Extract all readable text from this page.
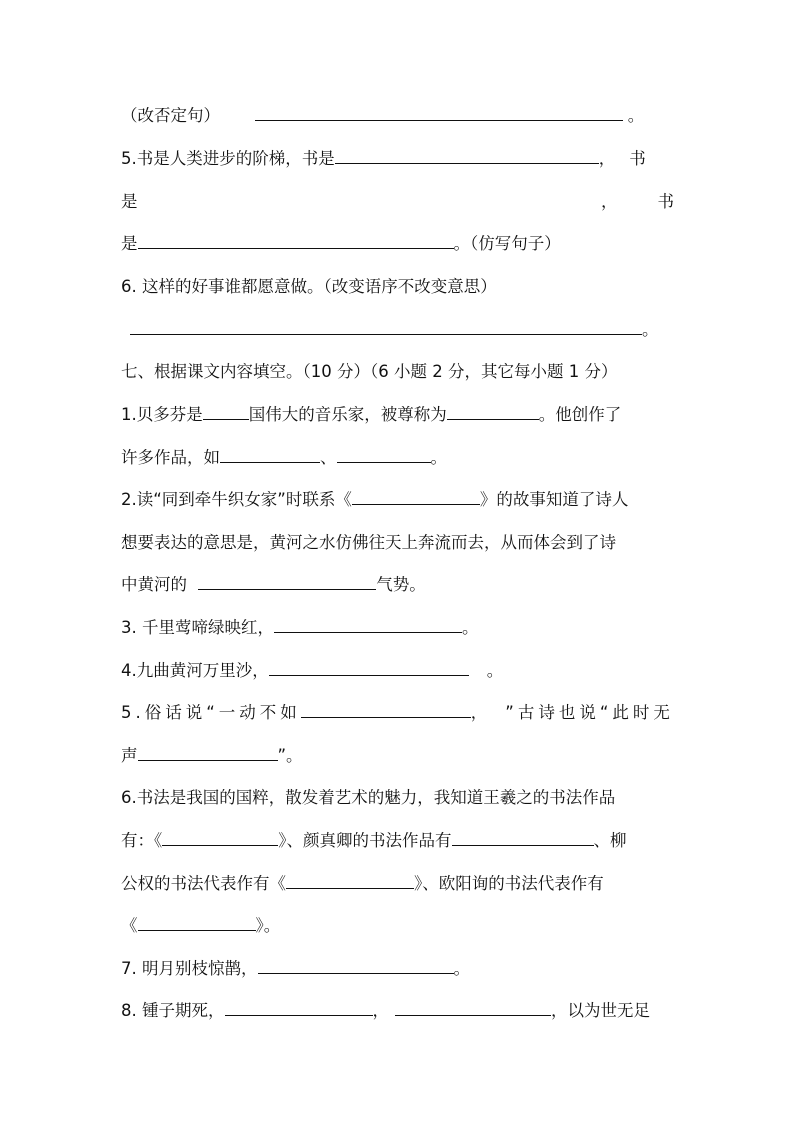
（改否定句）	。
5.书是人类进步的阶梯，书是	， 书
是	， 书
是	。（仿写句子）
6. 这样的好事谁都愿意做。（改变语序不改变意思）
。
七、根据课文内容填空。（10 分）（6 小题 2 分，其它每小题 1 分）
1.贝多芬是	国伟大的音乐家，被尊称为	。他创作了
许多作品，如	、	。
2.读“同到牵牛织女家”时联系《	》的故事知道了诗人
想要表达的意思是，黄河之水仿佛往天上奔流而去，从而体会到了诗
中黄河的	气势。
3. 千里莺啼绿映红，	。
4.九曲黄河万里沙，	。
5.俗话说“一动不如	， ”古诗也说“此时无
声	”。
6.书法是我国的国粹，散发着艺术的魅力，我知道王羲之的书法作品
有：《	》、颜真卿的书法作品有	、柳
公权的书法代表作有《	》、欧阳询的书法代表作有
《	》。
7. 明月别枝惊鹊，	。
8. 锺子期死，	，	，以为世无足
